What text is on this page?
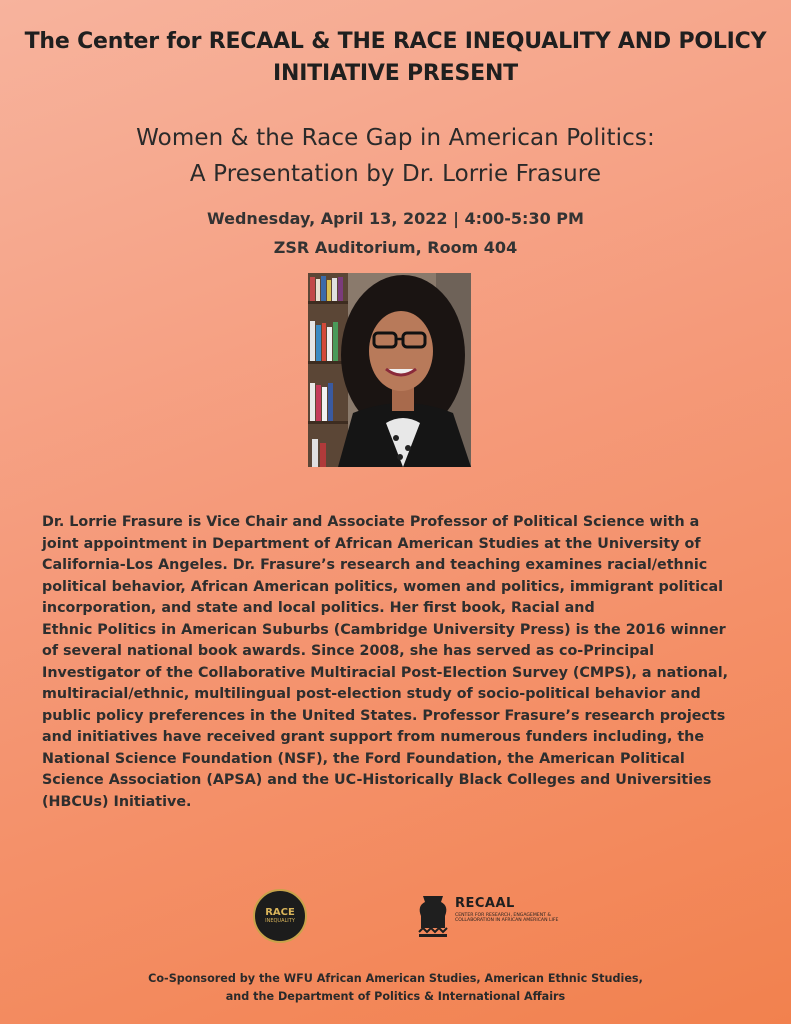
The Center for RECAAL & THE RACE INEQUALITY AND POLICY
INITIATIVE PRESENT
Women & the Race Gap in American Politics:
A Presentation by Dr. Lorrie Frasure
Wednesday, April 13, 2022 | 4:00-5:30 PM
ZSR Auditorium, Room 404
Dr. Lorrie Frasure is Vice Chair and Associate Professor of Political Science with a
joint appointment in Department of African American Studies at the University of
California-Los Angeles. Dr. Frasure’s research and teaching examines racial/ethnic
political behavior, African American politics, women and politics, immigrant political
incorporation, and state and local politics. Her first book, Racial and
Ethnic Politics in American Suburbs (Cambridge University Press) is the 2016 winner
of several national book awards. Since 2008, she has served as co-Principal
Investigator of the Collaborative Multiracial Post-Election Survey (CMPS), a national,
multiracial/ethnic, multilingual post-election study of socio-political behavior and
public policy preferences in the United States. Professor Frasure’s research projects
and initiatives have received grant support from numerous funders including, the
National Science Foundation (NSF), the Ford Foundation, the American Political
Science Association (APSA) and the UC-Historically Black Colleges and Universities
(HBCUs) Initiative.
RACE
INEQUALITY
RECAAL
CENTER FOR RESEARCH, ENGAGEMENT & COLLABORATION IN AFRICAN AMERICAN LIFE
Co-Sponsored by the WFU African American Studies, American Ethnic Studies,
and the Department of Politics & International Affairs
